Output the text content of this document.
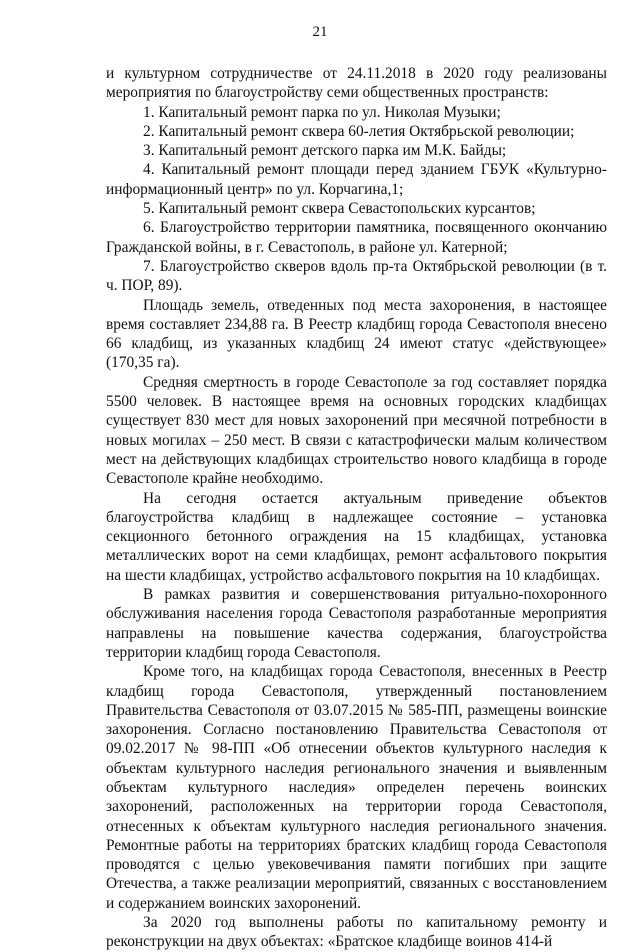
21

и культурном сотрудничестве от 24.11.2018 в 2020 году реализованы мероприятия по благоустройству семи общественных пространств:

1. Капитальный ремонт парка по ул. Николая Музыки;

2. Капитальный ремонт сквера 60-летия Октябрьской революции;

3. Капитальный ремонт детского парка им М.К. Байды;

4. Капитальный ремонт площади перед зданием ГБУК «Культурно-информационный центр» по ул. Корчагина,1;

5. Капитальный ремонт сквера Севастопольских курсантов;

6. Благоустройство территории памятника, посвященного окончанию Гражданской войны, в г. Севастополь, в районе ул. Катерной;

7. Благоустройство скверов вдоль пр-та Октябрьской революции (в т. ч. ПОР, 89).

Площадь земель, отведенных под места захоронения, в настоящее время составляет 234,88 га. В Реестр кладбищ города Севастополя внесено 66 кладбищ, из указанных кладбищ 24 имеют статус «действующее» (170,35 га).

Средняя смертность в городе Севастополе за год составляет порядка 5500 человек. В настоящее время на основных городских кладбищах существует 830 мест для новых захоронений при месячной потребности в новых могилах – 250 мест. В связи с катастрофически малым количеством мест на действующих кладбищах строительство нового кладбища в городе Севастополе крайне необходимо.

На сегодня остается актуальным приведение объектов благоустройства кладбищ в надлежащее состояние – установка секционного бетонного ограждения на 15 кладбищах, установка металлических ворот на семи кладбищах, ремонт асфальтового покрытия на шести кладбищах, устройство асфальтового покрытия на 10 кладбищах.

В рамках развития и совершенствования ритуально-похоронного обслуживания населения города Севастополя разработанные мероприятия направлены на повышение качества содержания, благоустройства территории кладбищ города Севастополя.

Кроме того, на кладбищах города Севастополя, внесенных в Реестр кладбищ города Севастополя, утвержденный постановлением Правительства Севастополя от 03.07.2015 № 585-ПП, размещены воинские захоронения. Согласно постановлению Правительства Севастополя от 09.02.2017 № 98-ПП «Об отнесении объектов культурного наследия к объектам культурного наследия регионального значения и выявленным объектам культурного наследия» определен перечень воинских захоронений, расположенных на территории города Севастополя, отнесенных к объектам культурного наследия регионального значения. Ремонтные работы на территориях братских кладбищ города Севастополя проводятся с целью увековечивания памяти погибших при защите Отечества, а также реализации мероприятий, связанных с восстановлением и содержанием воинских захоронений.

За 2020 год выполнены работы по капитальному ремонту и реконструкции на двух объектах: «Братское кладбище воинов 414-й
